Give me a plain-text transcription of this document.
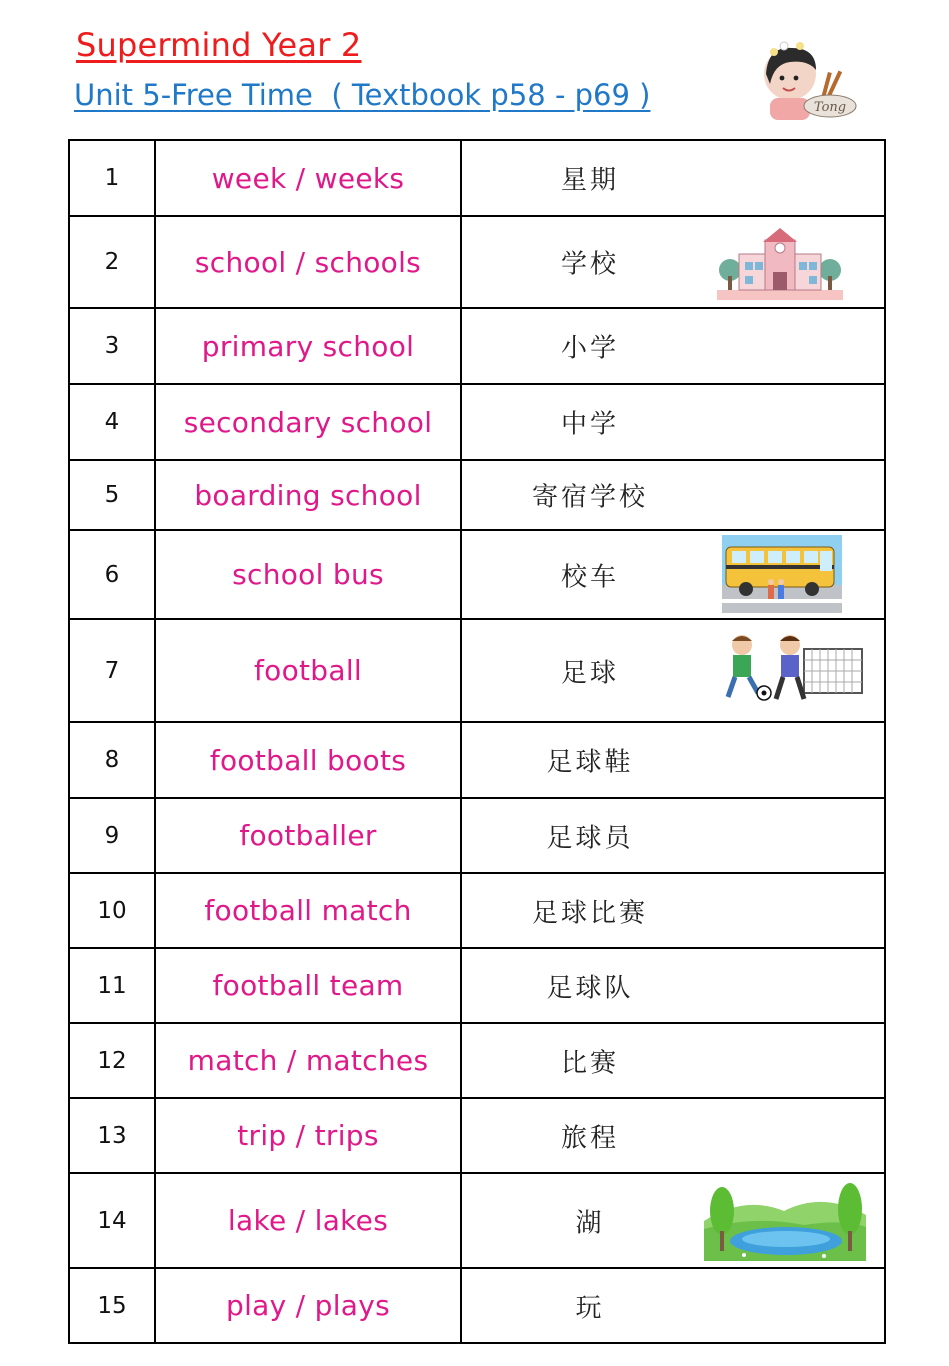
Supermind Year 2
Unit 5-Free Time  ( Textbook p58 - p69 )	Tong
1	week / weeks	星期

2	school / schools	学校

3	primary school	小学

4	secondary school	中学

5	boarding school	寄宿学校

6	school bus	校车

7	football	足球

8	football boots	足球鞋

9	footballer	足球员

10	football match	足球比赛

11	football team	足球队

12	match / matches	比赛

13	trip / trips	旅程

14	lake / lakes	湖

15	play / plays	玩
